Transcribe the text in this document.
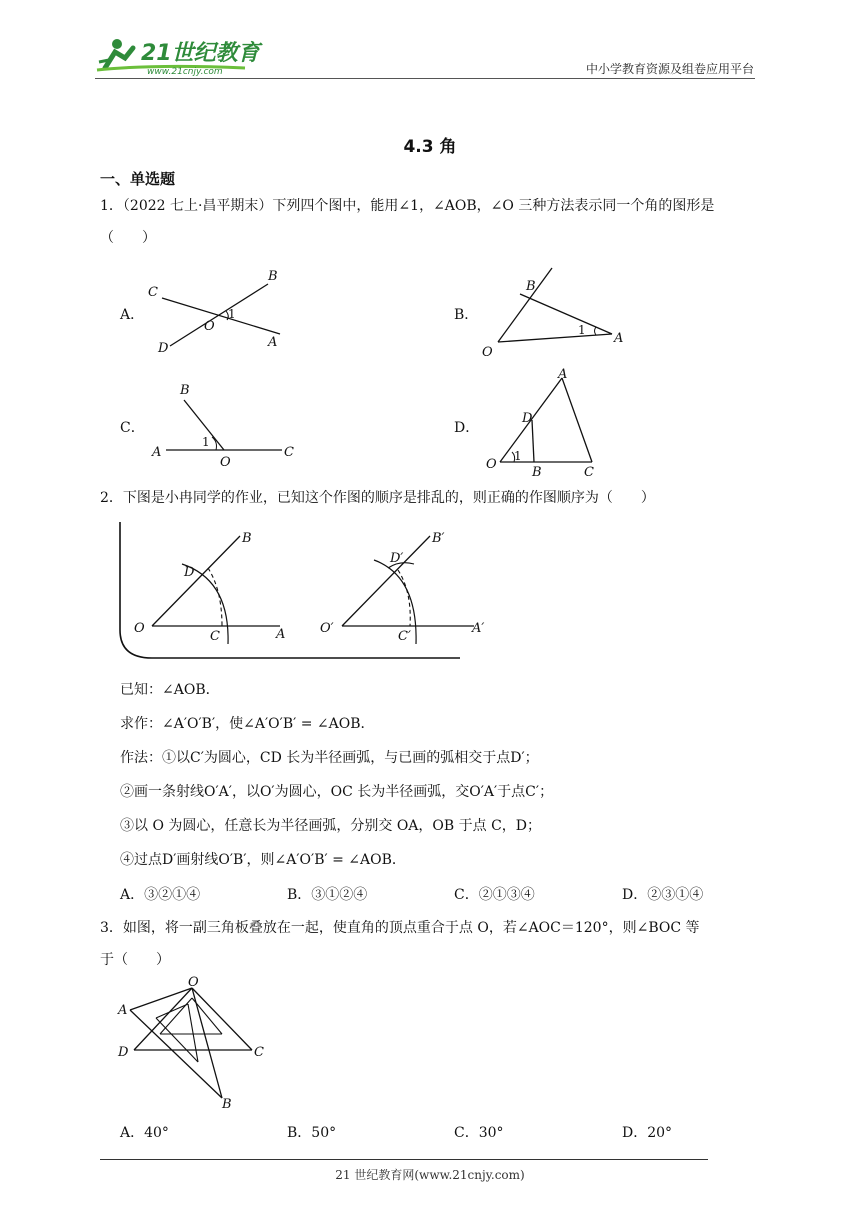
21世纪教育
www.21cnjy.com	中小学教育资源及组卷应用平台
4.3 角
一、单选题
1．（2022 七上·昌平期末）下列四个图中，能用∠1，∠AOB，∠O 三种方法表示同一个角的图形是
（　　）
A．
C
B
O
1
D	A
B．
B
1
A
O
C．
B
1
A
O
C
D．
A
D
O
1
B	C
2．下图是小冉同学的作业，已知这个作图的顺序是排乱的，则正确的作图顺序为（　　）
B
D
O
C	A
B′
D′
O′
C′
A′
已知：∠AOB．
求作：∠A′O′B′，使∠A′O′B′ = ∠AOB．
作法：①以C′为圆心，CD 长为半径画弧，与已画的弧相交于点D′；
②画一条射线O′A′，以O′为圆心，OC 长为半径画弧，交O′A′于点C′；
③以 O 为圆心，任意长为半径画弧，分别交 OA，OB 于点 C，D；
④过点D′画射线O′B′，则∠A′O′B′ = ∠AOB．
A．③②①④	B．③①②④	C．②①③④	D．②③①④
3．如图，将一副三角板叠放在一起，使直角的顶点重合于点 O，若∠AOC＝120°，则∠BOC 等
于（　　）
O
A
D	C
B
A．40°	B．50°	C．30°	D．20°
21 世纪教育网(www.21cnjy.com)
